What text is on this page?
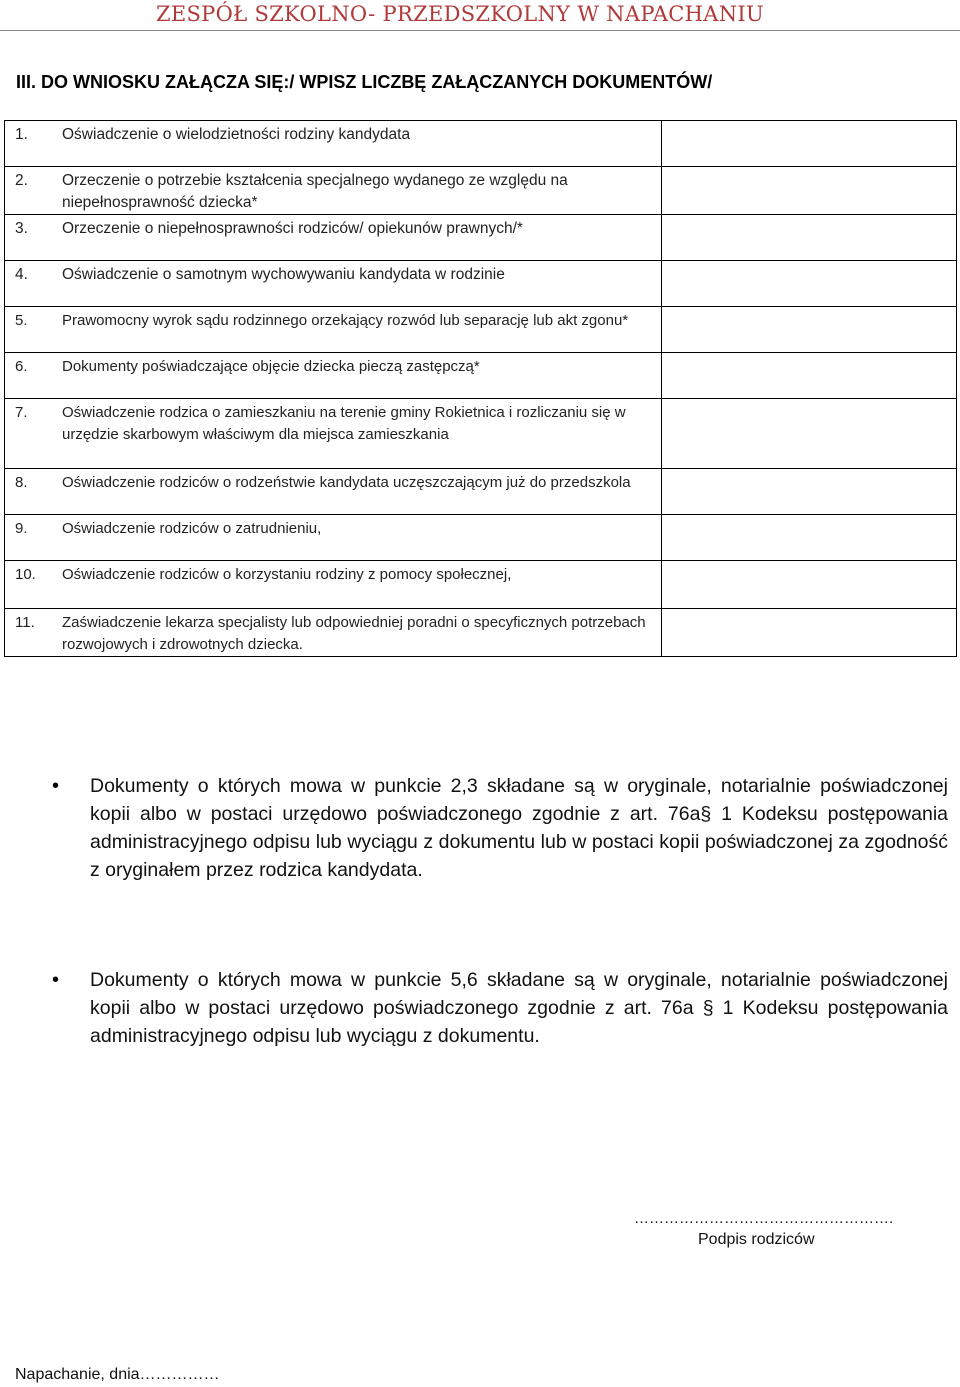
ZESPÓŁ SZKOLNO- PRZEDSZKOLNY W NAPACHANIU
III. DO WNIOSKU ZAŁĄCZA SIĘ:/ WPISZ LICZBĘ ZAŁĄCZANYCH DOKUMENTÓW/
1. Oświadczenie o wielodzietności rodziny kandydata	

2. Orzeczenie o potrzebie kształcenia specjalnego wydanego ze względu na niepełnosprawność dziecka*	

3. Orzeczenie o niepełnosprawności rodziców/ opiekunów prawnych/*	

4. Oświadczenie o samotnym wychowywaniu kandydata w rodzinie	

5. Prawomocny wyrok sądu rodzinnego orzekający rozwód lub separację lub akt zgonu*	

6. Dokumenty poświadczające objęcie dziecka pieczą zastępczą*	

7. Oświadczenie rodzica o zamieszkaniu na terenie gminy Rokietnica i rozliczaniu się w urzędzie skarbowym właściwym dla miejsca zamieszkania	

8. Oświadczenie rodziców o rodzeństwie kandydata uczęszczającym już do przedszkola	

9. Oświadczenie rodziców o zatrudnieniu,	

10. Oświadczenie rodziców o korzystaniu rodziny z pomocy społecznej,	

11. Zaświadczenie lekarza specjalisty lub odpowiedniej poradni o specyficznych potrzebach rozwojowych i zdrowotnych dziecka.	

•	Dokumenty o których mowa w punkcie 2,3 składane są w oryginale, notarialnie poświadczonej kopii albo w postaci urzędowo poświadczonego zgodnie z art. 76a§ 1 Kodeksu postępowania administracyjnego odpisu lub wyciągu z dokumentu lub w postaci kopii poświadczonej za zgodność z oryginałem przez rodzica kandydata.
•	Dokumenty o których mowa w punkcie 5,6 składane są w oryginale, notarialnie poświadczonej kopii albo w postaci urzędowo poświadczonego zgodnie z art. 76a § 1 Kodeksu postępowania administracyjnego odpisu lub wyciągu z dokumentu.
…………………………………………….
Podpis rodziców
Napachanie, dnia……………
